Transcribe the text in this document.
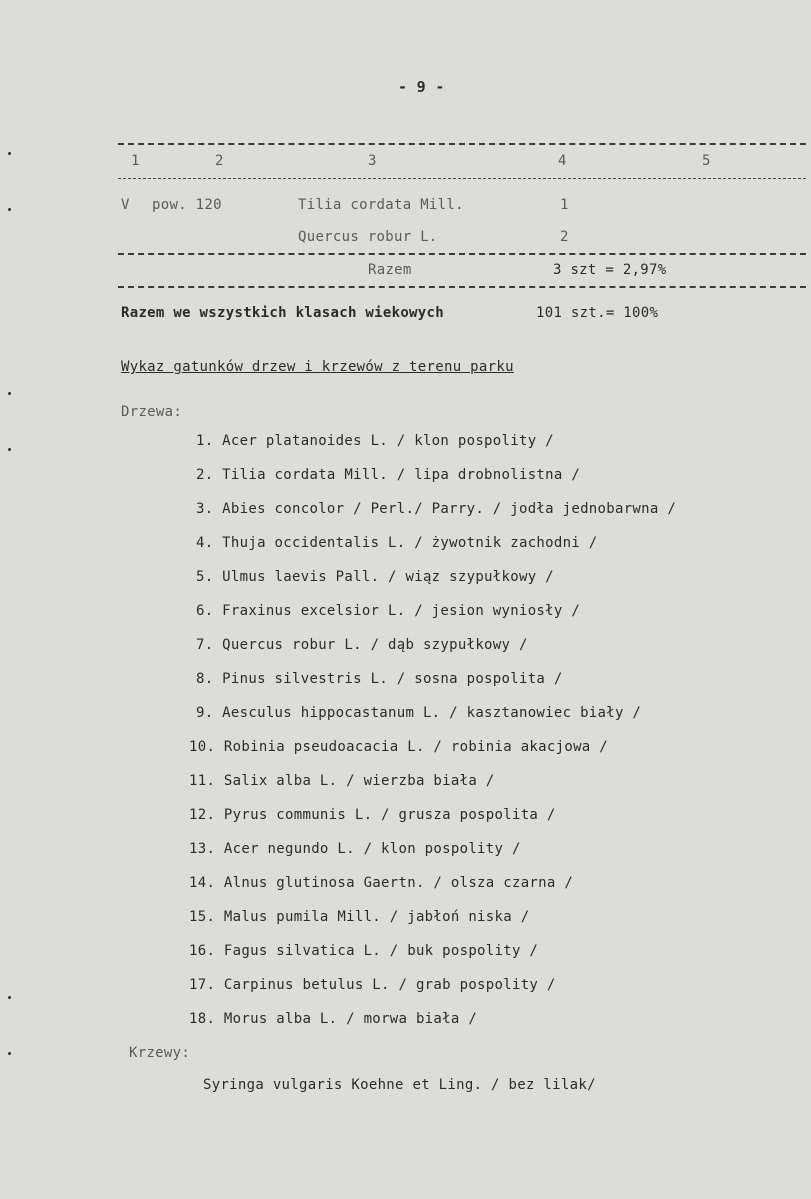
- 9 -
1	2	3	4	5
V pow. 120	Tilia cordata Mill.	1
Quercus robur L.	2
Razem	3 szt = 2,97%
Razem we wszystkich klasach wiekowych	101 szt.= 100%
Wykaz gatunków drzew i krzewów z terenu parku
Drzewa:
1. Acer platanoides L. / klon pospolity /
2. Tilia cordata Mill. / lipa drobnolistna /
3. Abies concolor / Perl./ Parry. / jodła jednobarwna /
4. Thuja occidentalis L. / żywotnik zachodni /
5. Ulmus laevis Pall. / wiąz szypułkowy /
6. Fraxinus excelsior L. / jesion wyniosły /
7. Quercus robur L. / dąb szypułkowy /
8. Pinus silvestris L. / sosna pospolita /
9. Aesculus hippocastanum L. / kasztanowiec biały /
10. Robinia pseudoacacia L. / robinia akacjowa /
11. Salix alba L. / wierzba biała /
12. Pyrus communis L. / grusza pospolita /
13. Acer negundo L. / klon pospolity /
14. Alnus glutinosa Gaertn. / olsza czarna /
15. Malus pumila Mill. / jabłoń niska /
16. Fagus silvatica L. / buk pospolity /
17. Carpinus betulus L. / grab pospolity /
18. Morus alba L. / morwa biała /
Krzewy:
Syringa vulgaris Koehne et Ling. / bez lilak/
